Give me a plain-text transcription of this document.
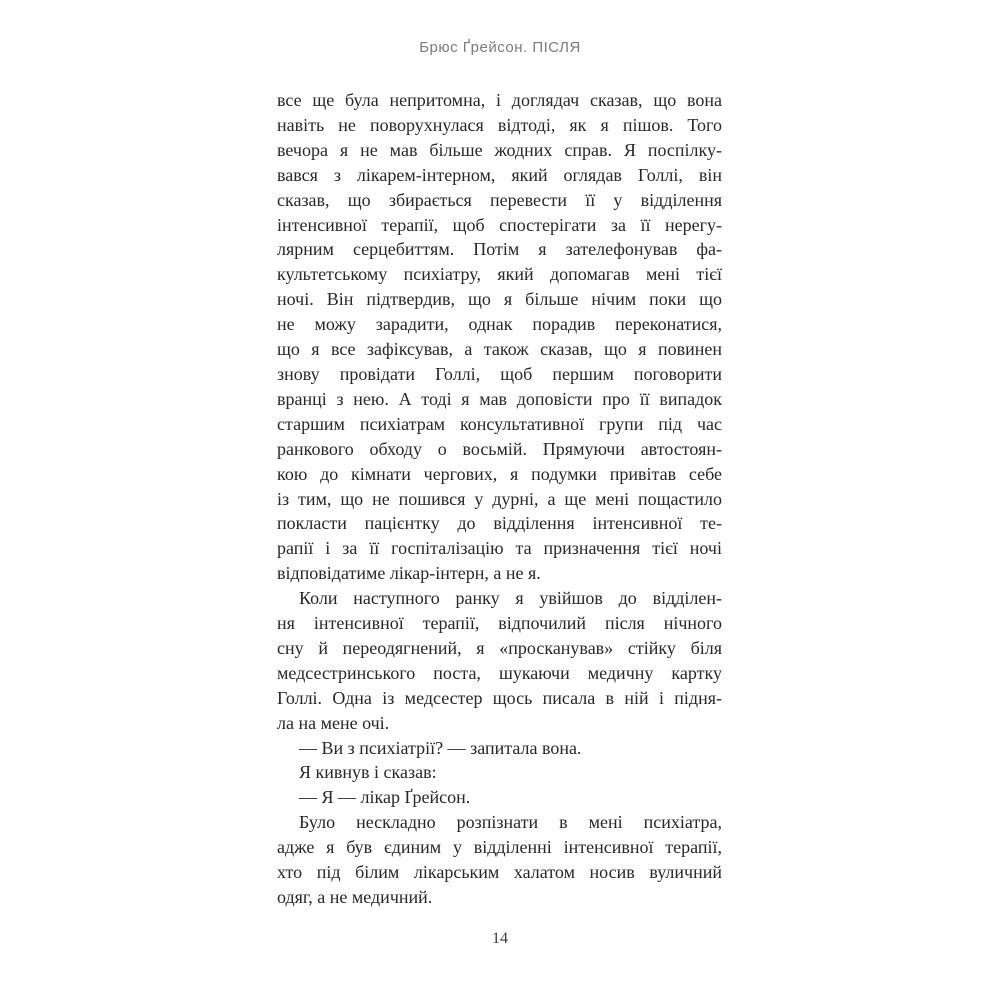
Брюс Ґрейсон. ПІСЛЯ
все ще була непритомна, і доглядач сказав, що вона
навіть не поворухнулася відтоді, як я пішов. Того
вечора я не мав більше жодних справ. Я поспілку-
вався з лікарем-інтерном, який оглядав Голлі, він
сказав, що збирається перевести її у відділення
інтенсивної терапії, щоб спостерігати за її нерегу-
лярним серцебиттям. Потім я зателефонував фа-
культетському психіатру, який допомагав мені тієї
ночі. Він підтвердив, що я більше нічим поки що
не можу зарадити, однак порадив переконатися,
що я все зафіксував, а також сказав, що я повинен
знову провідати Голлі, щоб першим поговорити
вранці з нею. А тоді я мав доповісти про її випадок
старшим психіатрам консультативної групи під час
ранкового обходу о восьмій. Прямуючи автостоян-
кою до кімнати чергових, я подумки привітав себе
із тим, що не пошився у дурні, а ще мені пощастило
покласти пацієнтку до відділення інтенсивної те-
рапії і за її госпіталізацію та призначення тієї ночі
відповідатиме лікар-інтерн, а не я.
Коли наступного ранку я увійшов до відділен-
ня інтенсивної терапії, відпочилий після нічного
сну й переодягнений, я «просканував» стійку біля
медсестринського поста, шукаючи медичну картку
Голлі. Одна із медсестер щось писала в ній і підня-
ла на мене очі.
— Ви з психіатрії? — запитала вона.
Я кивнув і сказав:
— Я — лікар Ґрейсон.
Було нескладно розпізнати в мені психіатра,
адже я був єдиним у відділенні інтенсивної терапії,
хто під білим лікарським халатом носив вуличний
одяг, а не медичний.
14
